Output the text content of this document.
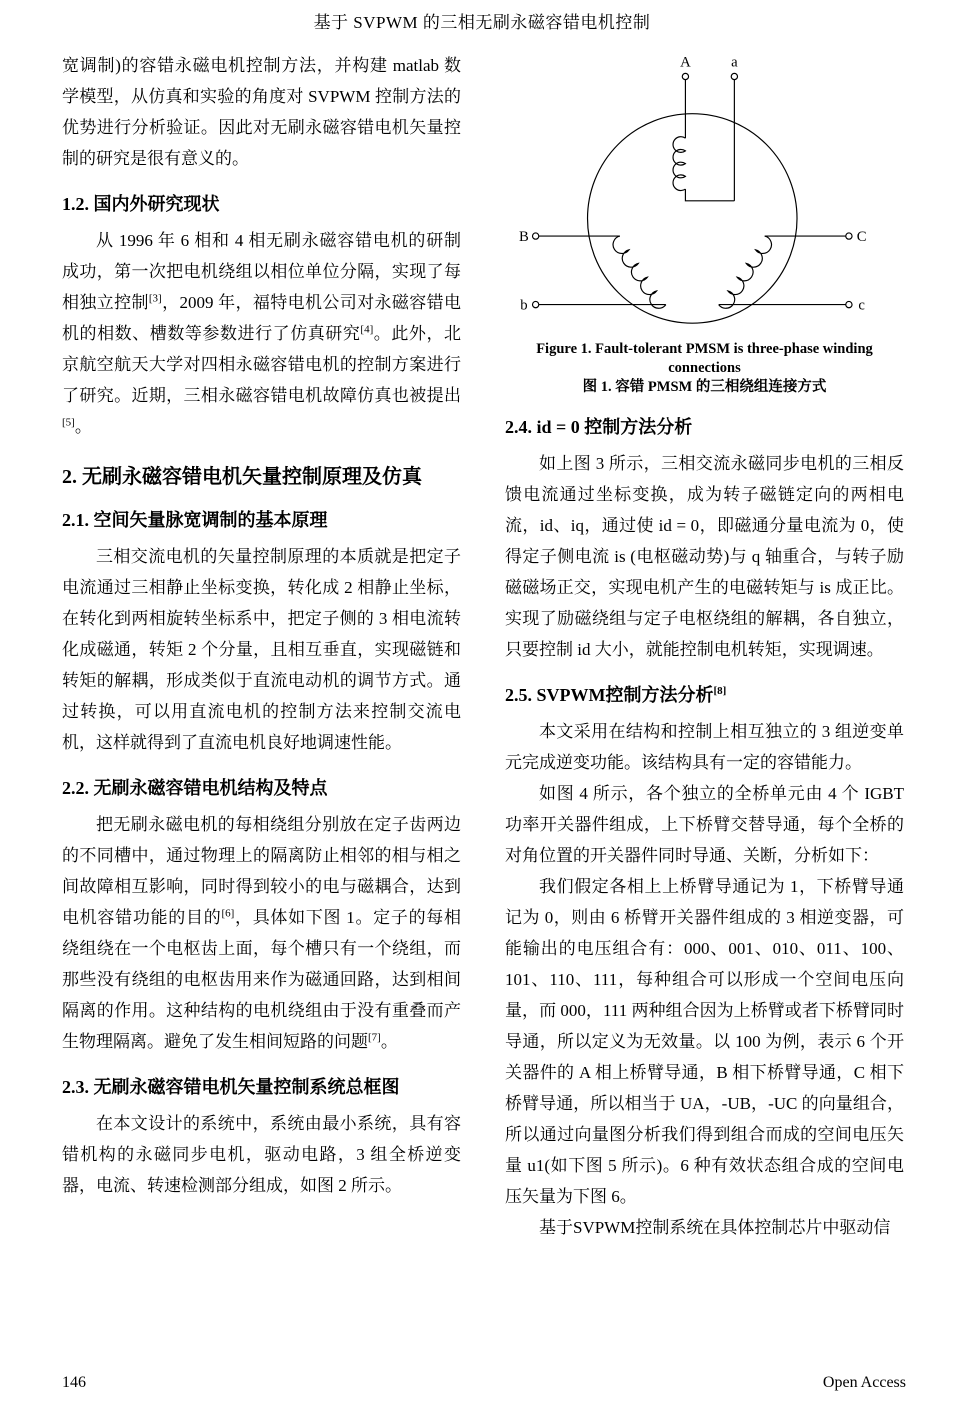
基于 SVPWM 的三相无刷永磁容错电机控制

宽调制)的容错永磁电机控制方法，并构建 matlab 数学模型，从仿真和实验的角度对 SVPWM 控制方法的优势进行分析验证。因此对无刷永磁容错电机矢量控制的研究是很有意义的。

1.2. 国内外研究现状

从 1996 年 6 相和 4 相无刷永磁容错电机的研制成功，第一次把电机绕组以相位单位分隔，实现了每相独立控制[3]，2009 年，福特电机公司对永磁容错电机的相数、槽数等参数进行了仿真研究[4]。此外，北京航空航天大学对四相永磁容错电机的控制方案进行了研究。近期，三相永磁容错电机故障仿真也被提出[5]。

2. 无刷永磁容错电机矢量控制原理及仿真
2.1. 空间矢量脉宽调制的基本原理

三相交流电机的矢量控制原理的本质就是把定子电流通过三相静止坐标变换，转化成 2 相静止坐标，在转化到两相旋转坐标系中，把定子侧的 3 相电流转化成磁通，转矩 2 个分量，且相互垂直，实现磁链和转矩的解耦，形成类似于直流电动机的调节方式。通过转换，可以用直流电机的控制方法来控制交流电机，这样就得到了直流电机良好地调速性能。

2.2. 无刷永磁容错电机结构及特点

把无刷永磁电机的每相绕组分别放在定子齿两边的不同槽中，通过物理上的隔离防止相邻的相与相之间故障相互影响，同时得到较小的电与磁耦合，达到电机容错功能的目的[6]，具体如下图 1。定子的每相绕组绕在一个电枢齿上面，每个槽只有一个绕组，而那些没有绕组的电枢齿用来作为磁通回路，达到相间隔离的作用。这种结构的电机绕组由于没有重叠而产生物理隔离。避免了发生相间短路的问题[7]。

2.3. 无刷永磁容错电机矢量控制系统总框图

在本文设计的系统中，系统由最小系统，具有容错机构的永磁同步电机，驱动电路，3 组全桥逆变器，电流、转速检测部分组成，如图 2 所示。

A	a
B
b
C
c
Figure 1. Fault-tolerant PMSM is three-phase winding connections
图 1. 容错 PMSM 的三相绕组连接方式
2.4. id = 0 控制方法分析

如上图 3 所示，三相交流永磁同步电机的三相反馈电流通过坐标变换，成为转子磁链定向的两相电流，id、iq，通过使 id = 0，即磁通分量电流为 0，使得定子侧电流 is (电枢磁动势)与 q 轴重合，与转子励磁磁场正交，实现电机产生的电磁转矩与 is 成正比。实现了励磁绕组与定子电枢绕组的解耦，各自独立，只要控制 id 大小，就能控制电机转矩，实现调速。

2.5. SVPWM控制方法分析[8]

本文采用在结构和控制上相互独立的 3 组逆变单元完成逆变功能。该结构具有一定的容错能力。

如图 4 所示，各个独立的全桥单元由 4 个 IGBT 功率开关器件组成，上下桥臂交替导通，每个全桥的对角位置的开关器件同时导通、关断，分析如下：

我们假定各相上上桥臂导通记为 1，下桥臂导通记为 0，则由 6 桥臂开关器件组成的 3 相逆变器，可能输出的电压组合有：000、001、010、011、100、101、110、111，每种组合可以形成一个空间电压向量，而 000，111 两种组合因为上桥臂或者下桥臂同时导通，所以定义为无效量。以 100 为例，表示 6 个开关器件的 A 相上桥臂导通，B 相下桥臂导通，C 相下桥臂导通，所以相当于 UA，-UB，-UC 的向量组合，所以通过向量图分析我们得到组合而成的空间电压矢量 u1(如下图 5 所示)。6 种有效状态组合成的空间电压矢量为下图 6。

基于SVPWM控制系统在具体控制芯片中驱动信

146	Open Access
